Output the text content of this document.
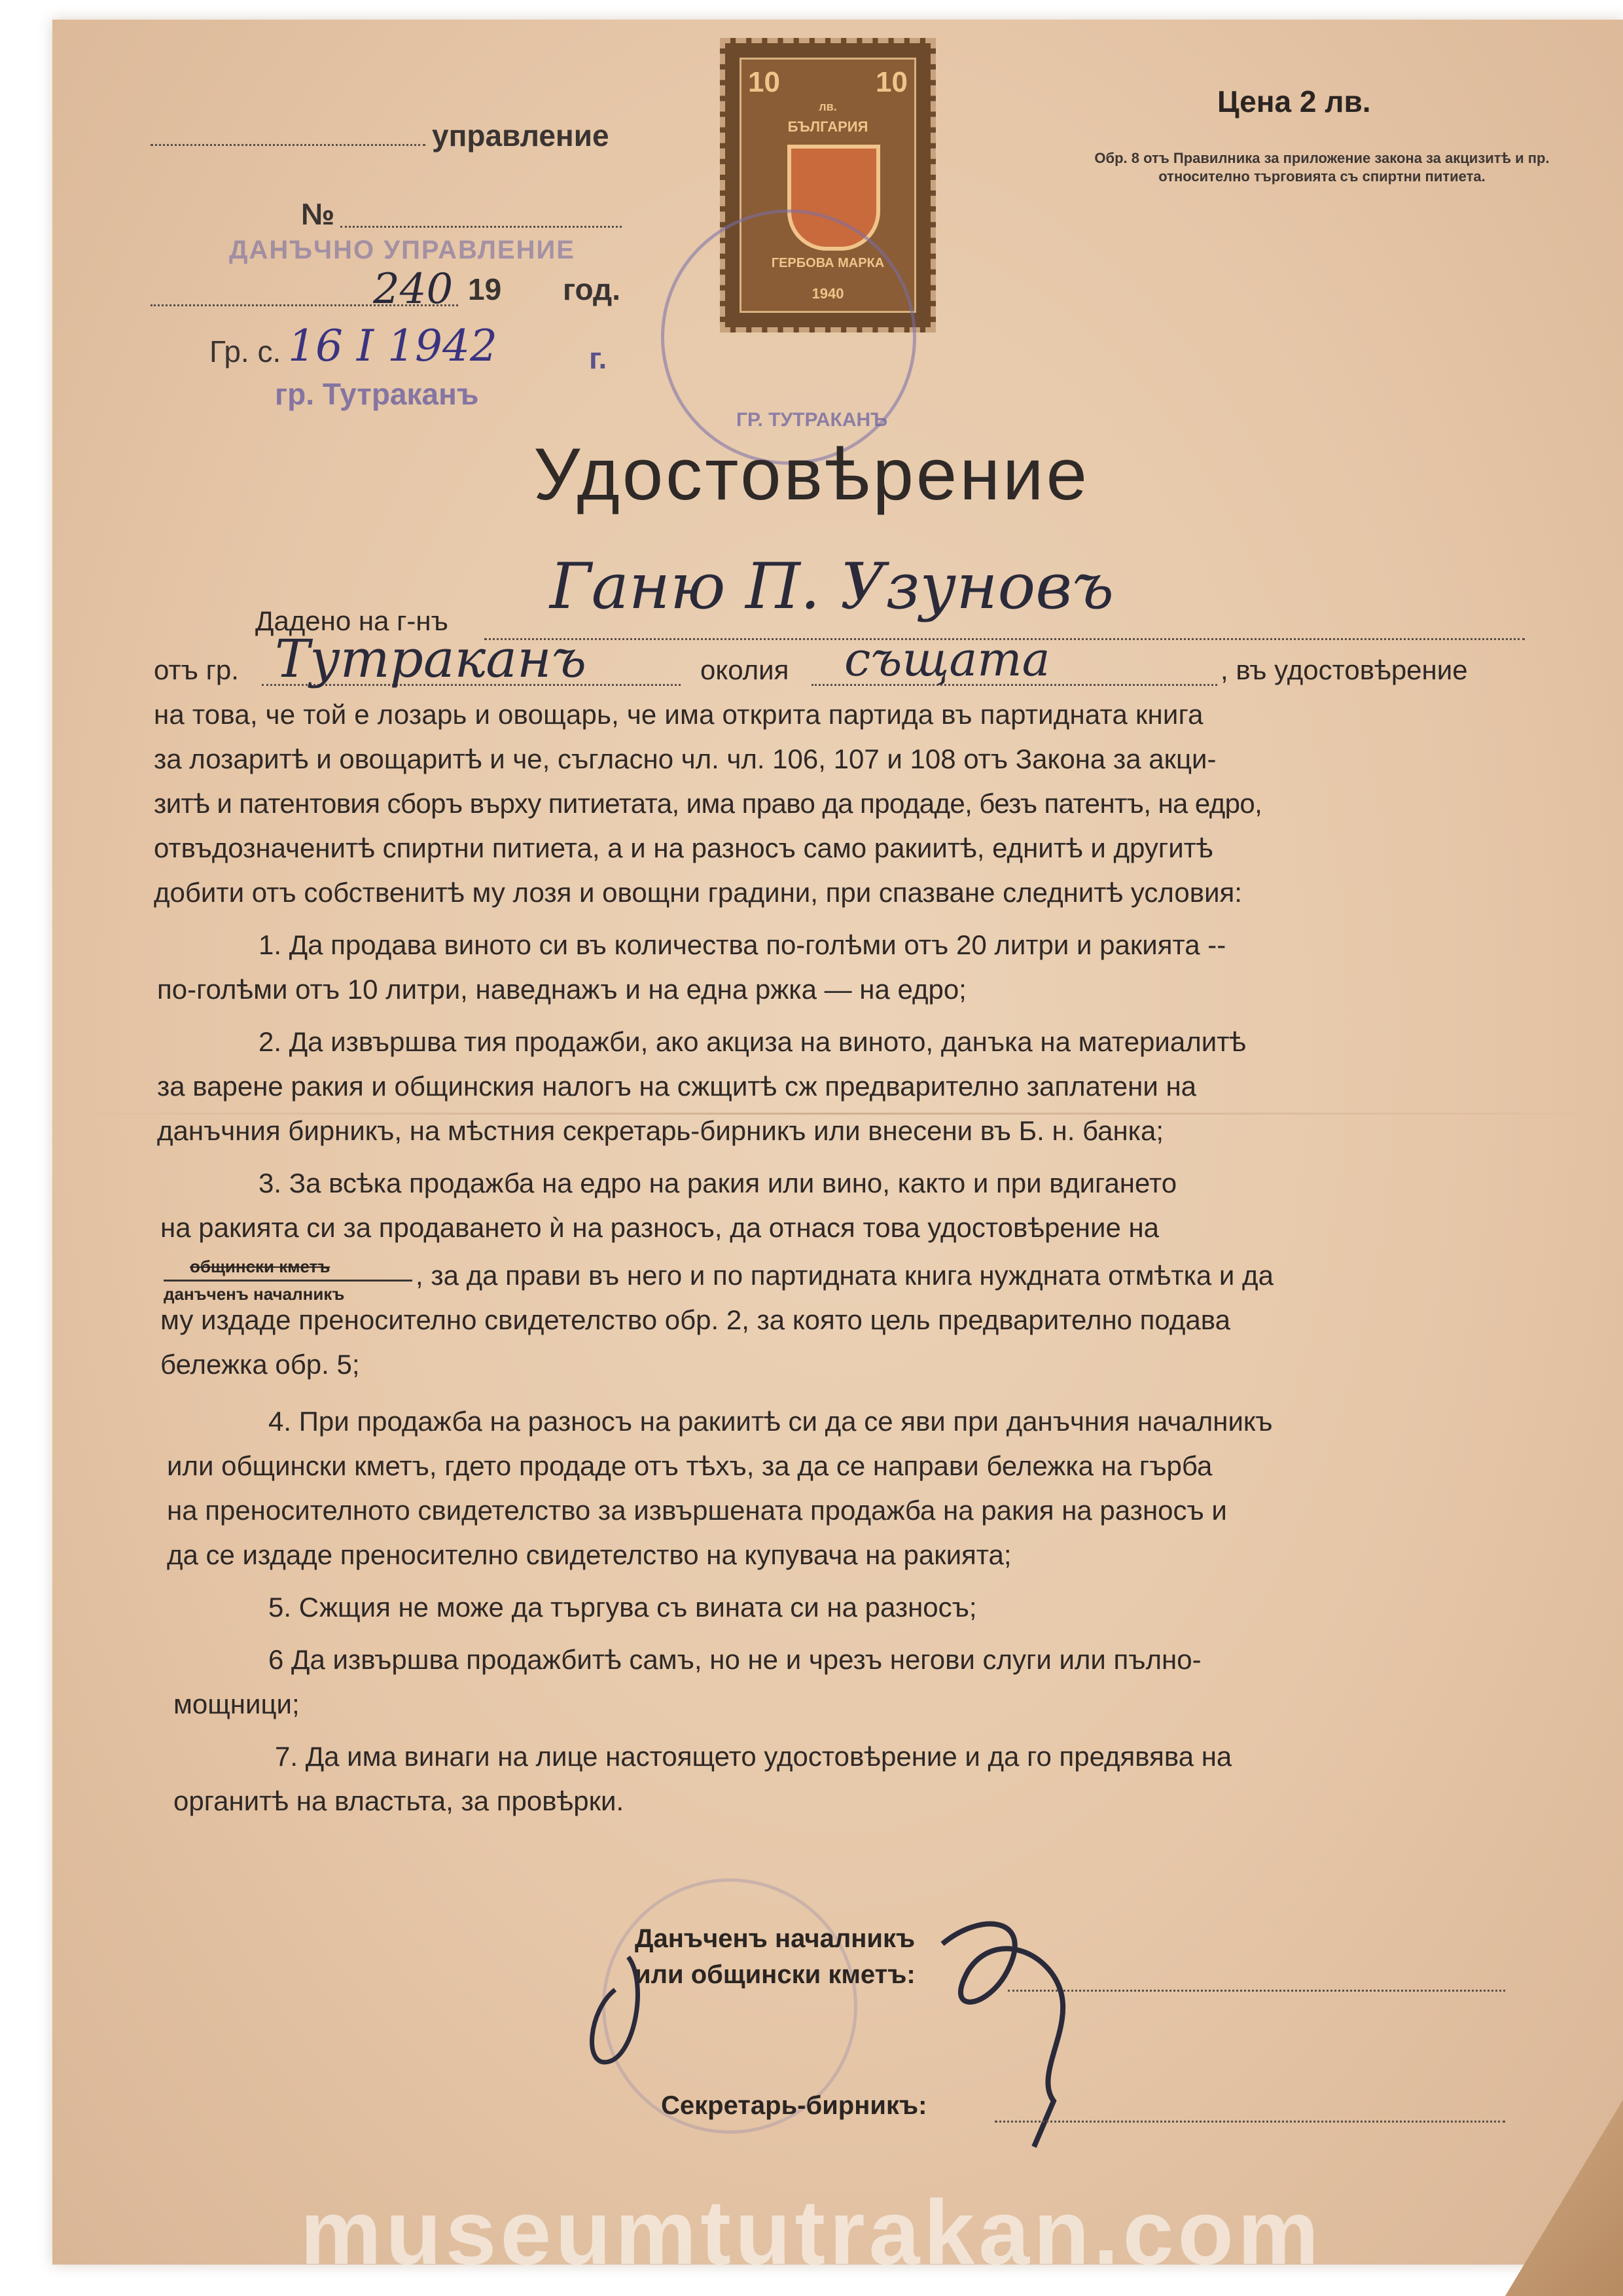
управление
№
ДАНЪЧНО УПРАВЛЕНИЕ
240 19 год.
Гр. с. 16 I 1942	г.
гр. Тутраканъ
10	10
лв.
БЪЛГАРИЯ
ГЕРБОВА МАРКА
1940
ГР. ТУТРАКАНЪ
Цена 2 лв.
Обр. 8 отъ Правилника за приложение закона за акцизитѣ и пр. относително търговията съ спиртни питиета.
Удостовѣрение
Дадено на г-нъ Ганю П. Узуновъ
отъ гр. Тутраканъ	околия същата	, въ удостовѣрение
на това, че той е лозарь и овощарь, че има открита партида въ партидната книга
за лозаритѣ и овощаритѣ и че, съгласно чл. чл. 106, 107 и 108 отъ Закона за акци-
зитѣ и патентовия сборъ върху питиетата, има право да продаде, безъ патентъ, на едро,
отвъдозначенитѣ спиртни питиета, а и на разносъ само ракиитѣ, еднитѣ и другитѣ
добити отъ собственитѣ му лозя и овощни градини, при спазване следнитѣ условия:
1. Да продава виното си въ количества по-голѣми отъ 20 литри и ракията --
по-голѣми отъ 10 литри, наведнажъ и на една ржка — на едро;
2. Да извършва тия продажби, ако акциза на виното, данъка на материалитѣ
за варене ракия и общинския налогъ на сжщитѣ сж предварително заплатени на
данъчния бирникъ, на мѣстния секретарь-бирникъ или внесени въ Б. н. банка;
3. За всѣка продажба на едро на ракия или вино, както и при вдигането
на ракията си за продаването ѝ на разносъ, да отнася това удостовѣрение на
общински кметъ
данъченъ началникъ
, за да прави въ него и по партидната книга нуждната отмѣтка и да
му издаде преносително свидетелство обр. 2, за която цель предварително подава
бележка обр. 5;
4. При продажба на разносъ на ракиитѣ си да се яви при данъчния началникъ
или общински кметъ, гдето продаде отъ тѣхъ, за да се направи бележка на гърба
на преносителното свидетелство за извършената продажба на ракия на разносъ и
да се издаде преносително свидетелство на купувача на ракията;
5. Сжщия не може да търгува съ вината си на разносъ;
6 Да извършва продажбитѣ самъ, но не и чрезъ негови слуги или пълно-
мощници;
7. Да има винаги на лице настоящето удостовѣрение и да го предявява на
органитѣ на властьта, за провѣрки.
Данъченъ началникъ
или общински кметъ:
Секретарь-бирникъ:
museumtutrakan.com
